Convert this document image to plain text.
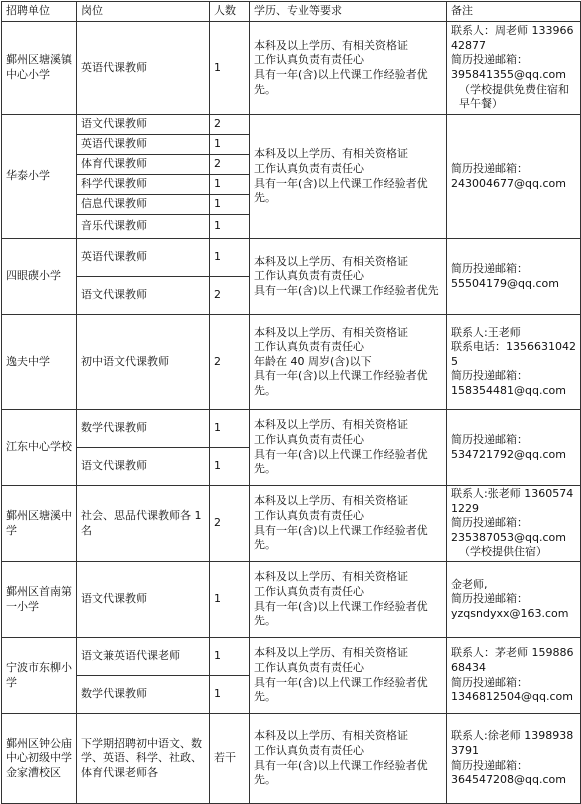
招聘单位	岗位	人数	学历、专业等要求	备注
鄞州区塘溪镇中心小学	英语代课教师	1	本科及以上学历、有相关资格证
工作认真负责有责任心
具有一年(含)以上代课工作经验者优先。	联系人：周老师 13396642877
简历投递邮箱：
395841355@qq.com
（学校提供免费住宿和早午餐）

华泰小学	语文代课教师	2	本科及以上学历、有相关资格证
工作认真负责有责任心
具有一年(含)以上代课工作经验者优先。	简历投递邮箱：
243004677@qq.com

	英语代课教师	1		
	体育代课教师	2		
	科学代课教师	1		
	信息代课教师	1		
	音乐代课教师	1		
四眼碶小学	英语代课教师	1	本科及以上学历、有相关资格证
工作认真负责有责任心
具有一年(含)以上代课工作经验者优先	简历投递邮箱：
55504179@qq.com

	语文代课教师	2		
逸夫中学	初中语文代课教师	2	本科及以上学历、有相关资格证
工作认真负责有责任心
年龄在 40 周岁(含)以下
具有一年(含)以上代课工作经验者优先。	联系人:王老师
联系电话：13566310425
简历投递邮箱：
158354481@qq.com

江东中心学校	数学代课教师	1	本科及以上学历、有相关资格证
工作认真负责有责任心
具有一年(含)以上代课工作经验者优先。	简历投递邮箱：
534721792@qq.com

	语文代课教师	1		
鄞州区塘溪中学	社会、思品代课教师各 1 名	2	本科及以上学历、有相关资格证
工作认真负责有责任心
具有一年(含)以上代课工作经验者优先。	联系人:张老师 13605741229
简历投递邮箱：
235387053@qq.com
（学校提供住宿）

鄞州区首南第一小学	语文代课教师	1	本科及以上学历、有相关资格证
工作认真负责有责任心
具有一年(含)以上代课工作经验者优先。	金老师,
简历投递邮箱：
yzqsndyxx@163.com

宁波市东柳小学	语文兼英语代课老师	1	本科及以上学历、有相关资格证
工作认真负责有责任心
具有一年(含)以上代课工作经验者优先。	联系人：茅老师 15988668434
简历投递邮箱：
1346812504@qq.com

	数学代课教师	1		
鄞州区钟公庙中心初级中学金家漕校区	下学期招聘初中语文、数学、英语、科学、社政、体育代课老师各	若干	本科及以上学历、有相关资格证
工作认真负责有责任心
具有一年(含)以上代课工作经验者优先。	联系人:徐老师 13989383791
简历投递邮箱：
364547208@qq.com
